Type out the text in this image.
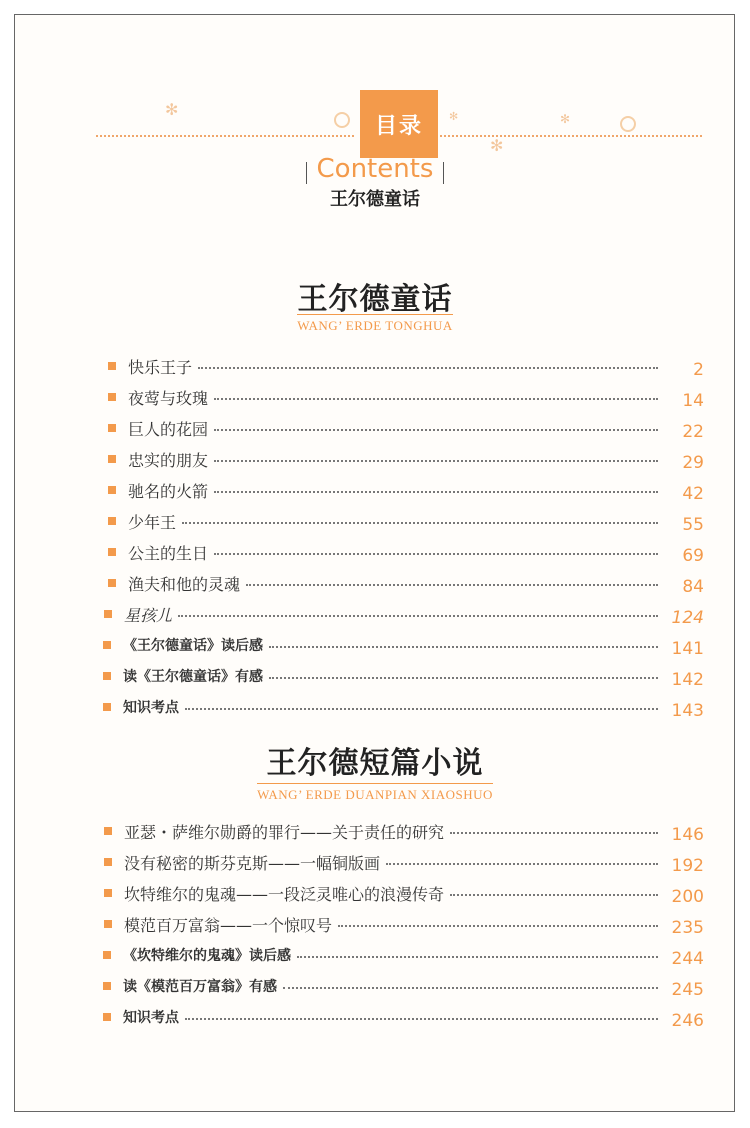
✻
✻
✻	✻
目录
Contents
王尔德童话
王尔德童话
WANG’ ERDE TONGHUA
快乐王子	2
夜莺与玫瑰	14
巨人的花园	22
忠实的朋友	29
驰名的火箭	42
少年王	55
公主的生日	69
渔夫和他的灵魂	84
星孩儿	124
《王尔德童话》读后感	141
读《王尔德童话》有感	142
知识考点	143
王尔德短篇小说
WANG’ ERDE DUANPIAN XIAOSHUO
亚瑟・萨维尔勋爵的罪行——关于责任的研究	146
没有秘密的斯芬克斯——一幅铜版画	192
坎特维尔的鬼魂——一段泛灵唯心的浪漫传奇	200
模范百万富翁——一个惊叹号	235
《坎特维尔的鬼魂》读后感	244
读《模范百万富翁》有感	245
知识考点	246
